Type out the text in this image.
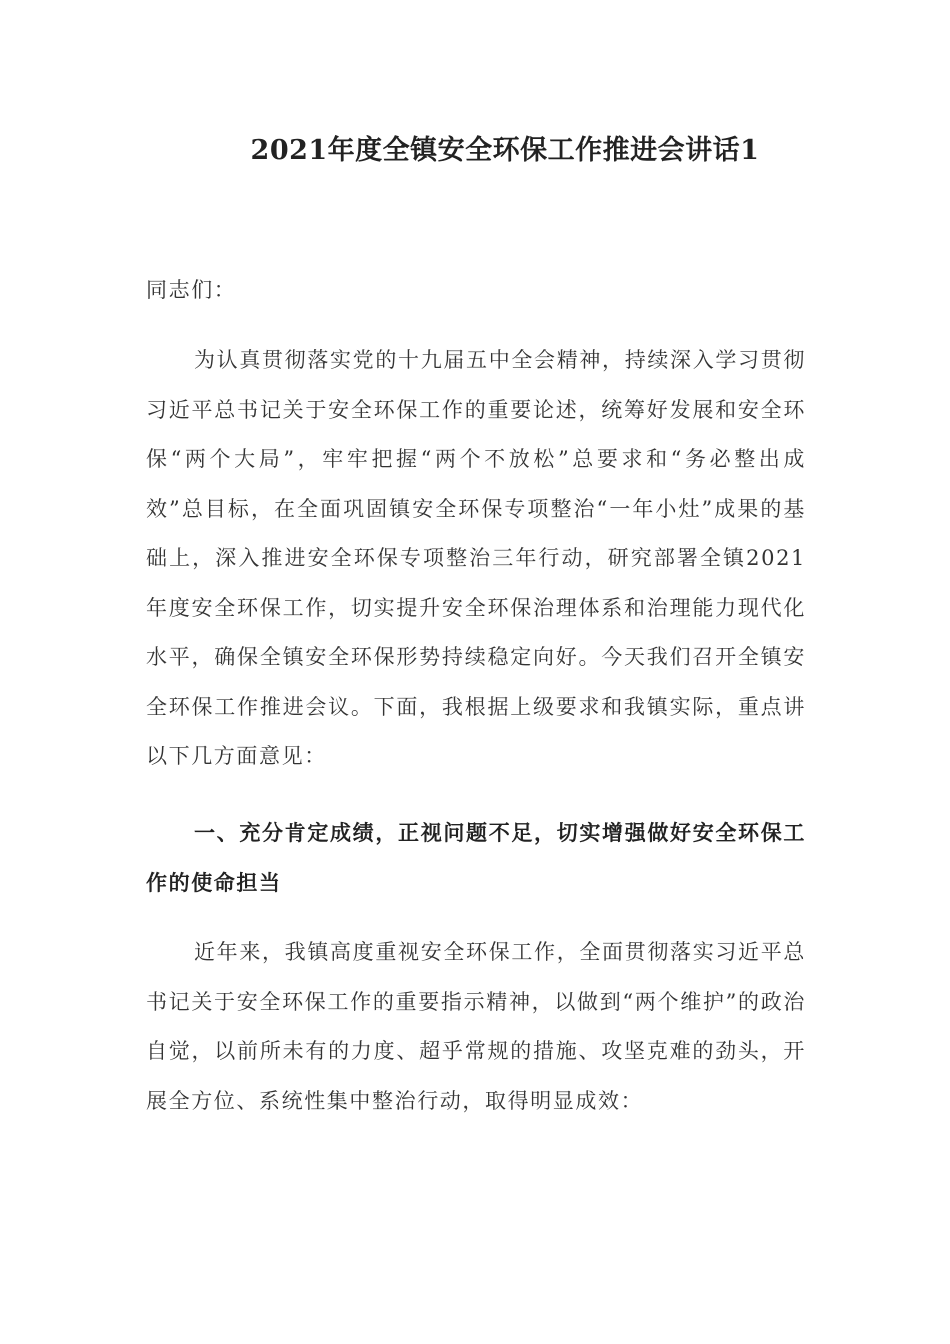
2021年度全镇安全环保工作推进会讲话1

同志们：

为认真贯彻落实党的十九届五中全会精神，持续深入学习贯彻习近平总书记关于安全环保工作的重要论述，统筹好发展和安全环保“两个大局”，牢牢把握“两个不放松”总要求和“务必整出成效”总目标，在全面巩固镇安全环保专项整治“一年小灶”成果的基础上，深入推进安全环保专项整治三年行动，研究部署全镇2021年度安全环保工作，切实提升安全环保治理体系和治理能力现代化水平，确保全镇安全环保形势持续稳定向好。今天我们召开全镇安全环保工作推进会议。下面，我根据上级要求和我镇实际，重点讲以下几方面意见：

一、充分肯定成绩，正视问题不足，切实增强做好安全环保工作的使命担当

近年来，我镇高度重视安全环保工作，全面贯彻落实习近平总书记关于安全环保工作的重要指示精神，以做到“两个维护”的政治自觉，以前所未有的力度、超乎常规的措施、攻坚克难的劲头，开展全方位、系统性集中整治行动，取得明显成效：
